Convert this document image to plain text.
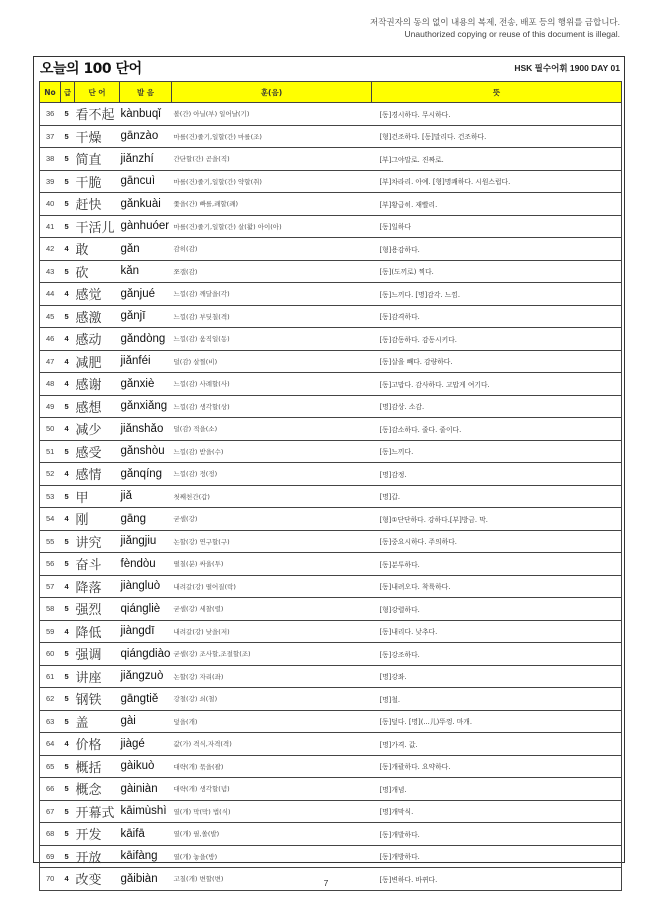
저작권자의 동의 없이 내용의 복제, 전송, 배포 등의 행위를 금합니다.
Unauthorized copying or reuse of this document is illegal.
오늘의 100 단어	HSK 필수어휘 1900 DAY 01
No	급	단 어	발 음	훈(음)	뜻
36	5	看不起	kànbuqǐ	볼(간) 아닐(부) 일어날(기)	[동]경시하다. 무시하다.
37	5	干燥	gānzào	마를(건)줄기,일할(간) 마를(조)	[형]건조하다. [동]말리다. 건조하다.
38	5	简直	jiǎnzhí	간단할(간) 곧을(직)	[부]그야말로. 진짜로.
39	5	干脆	gāncuì	마를(건)줄기,일할(간) 약할(취)	[부]차라리. 아예. [형]명쾌하다. 시원스럽다.
40	5	赶快	gǎnkuài	쫓을(간) 빠를,쾌할(쾌)	[부]황급히. 재빨리.
41	5	干活儿	gànhuóer	마를(건)줄기,일할(간) 살(활) 아이(아)	[동]일하다
42	4	敢	gǎn	감히(감)	[형]용감하다.
43	5	砍	kǎn	쪼갤(감)	[동](도끼로) 찍다.
44	4	感觉	gǎnjué	느낄(감) 깨달을(각)	[동]느끼다. [명]감각. 느낌.
45	5	感激	gǎnjī	느낄(감) 부딪칠(격)	[동]감격하다.
46	4	感动	gǎndòng	느낄(감) 움직일(동)	[동]감동하다. 감동시키다.
47	4	减肥	jiǎnféi	덜(감) 살찔(비)	[동]살을 빼다. 감량하다.
48	4	感谢	gǎnxiè	느낄(감) 사례할(사)	[동]고맙다. 감사하다. 고맙게 여기다.
49	5	感想	gǎnxiǎng	느낄(감) 생각할(상)	[명]감상. 소감.
50	4	减少	jiǎnshǎo	덜(감) 적을(소)	[동]감소하다. 줄다. 줄이다.
51	5	感受	gǎnshòu	느낄(감) 받을(수)	[동]느끼다.
52	4	感情	gǎnqíng	느낄(감) 정(정)	[명]감정.
53	5	甲	jiǎ	첫째천간(갑)	[명]갑.
54	4	刚	gāng	굳셀(강)	[형]①단단하다. 강하다.[부]방금. 막.
55	5	讲究	jiǎngjiu	논할(강) 연구할(구)	[동]중요시하다. 주의하다.
56	5	奋斗	fèndòu	떨칠(분) 싸울(투)	[동]분투하다.
57	4	降落	jiàngluò	내려갈(강) 떨어질(락)	[동]내려오다. 착륙하다.
58	5	强烈	qiángliè	굳셀(강) 세찰(렬)	[형]강렬하다.
59	4	降低	jiàngdī	내려갈(강) 낮을(저)	[동]내리다. 낮추다.
60	5	强调	qiángdiào	굳셀(강) 조사할,조절할(조)	[동]강조하다.
61	5	讲座	jiǎngzuò	논할(강) 자리(좌)	[명]강좌.
62	5	钢铁	gāngtiě	강철(강) 쇠(철)	[명]철.
63	5	盖	gài	덮을(개)	[동]덮다. [명](...儿)뚜껑. 마개.
64	4	价格	jiàgé	값(가) 격식,자격(격)	[명]가격. 값.
65	5	概括	gàikuò	대략(개) 묶을(괄)	[동]개괄하다. 요약하다.
66	5	概念	gàiniàn	대략(개) 생각할(념)	[명]개념.
67	5	开幕式	kāimùshì	열(개) 막(막) 법(식)	[명]개막식.
68	5	开发	kāifā	열(개) 필,쏠(발)	[동]개발하다.
69	5	开放	kāifàng	열(개) 놓을(방)	[동]개방하다.
70	4	改变	gǎibiàn	고칠(개) 변할(변)	[동]변하다. 바뀌다.
7
